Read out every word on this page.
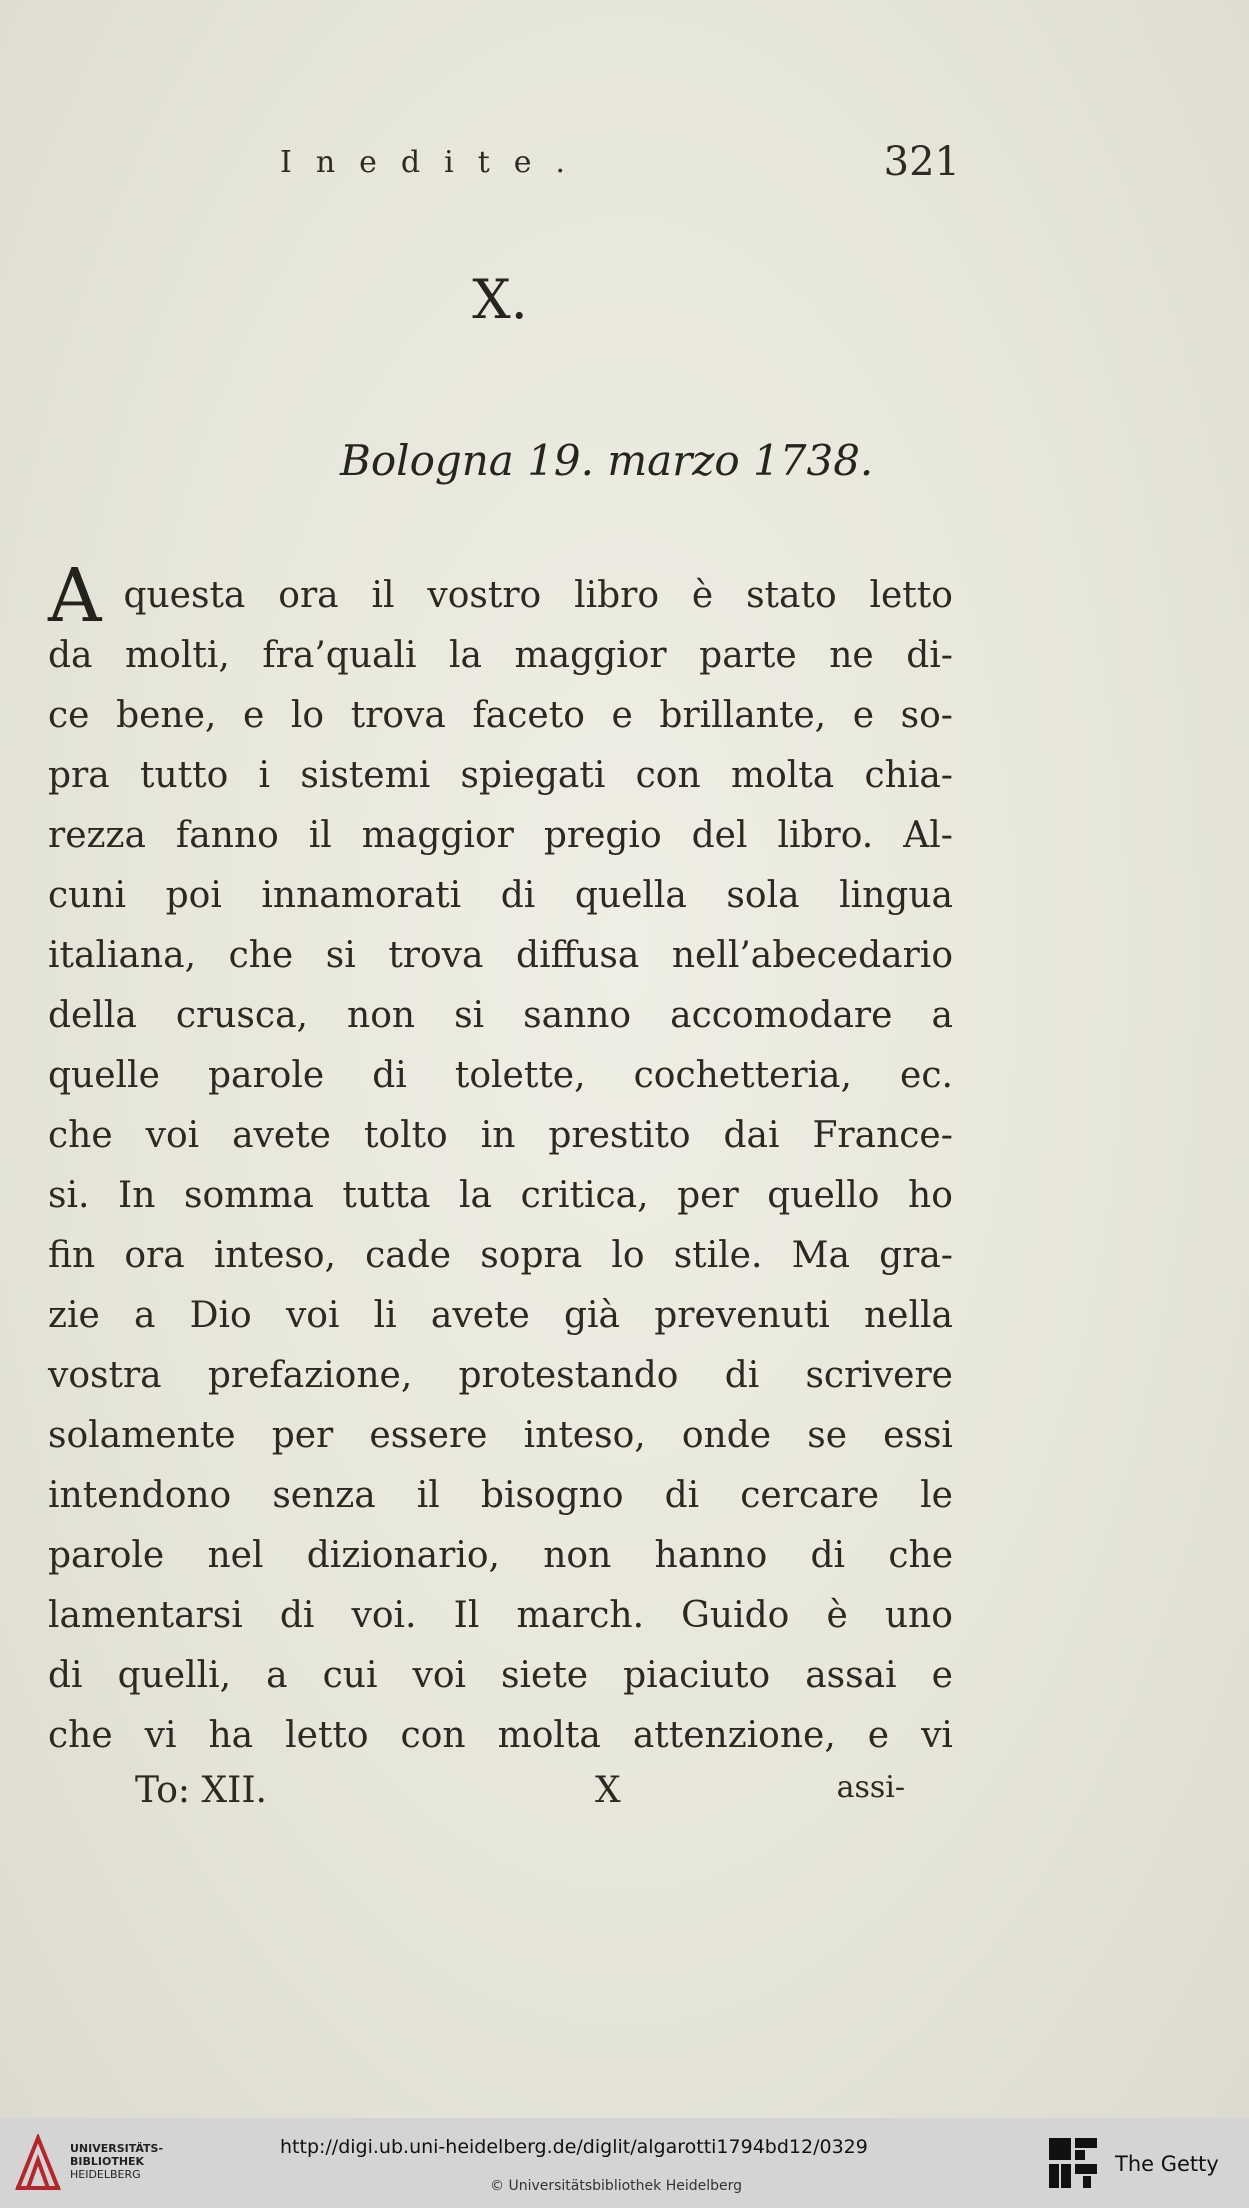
Inedite.	321
X.
Bologna 19. marzo 1738.
A questa ora il vostro libro è stato letto
da molti, fra’quali la maggior parte ne di-
ce bene, e lo trova faceto e brillante, e so-
pra tutto i sistemi spiegati con molta chia-
rezza fanno il maggior pregio del libro. Al-
cuni poi innamorati di quella sola lingua
italiana, che si trova diffusa nell’abecedario
della crusca, non si sanno accomodare a
quelle parole di tolette, cochetteria, ec.
che voi avete tolto in prestito dai France-
si. In somma tutta la critica, per quello ho
fin ora inteso, cade sopra lo stile. Ma gra-
zie a Dio voi li avete già prevenuti nella
vostra prefazione, protestando di scrivere
solamente per essere inteso, onde se essi
intendono senza il bisogno di cercare le
parole nel dizionario, non hanno di che
lamentarsi di voi. Il march. Guido è uno
di quelli, a cui voi siete piaciuto assai e
che vi ha letto con molta attenzione, e vi
To: XII.	X	assi-
UNIVERSITÄTS-
BIBLIOTHEK
HEIDELBERG
http://digi.ub.uni-heidelberg.de/diglit/algarotti1794bd12/0329
© Universitätsbibliothek Heidelberg
The Getty
